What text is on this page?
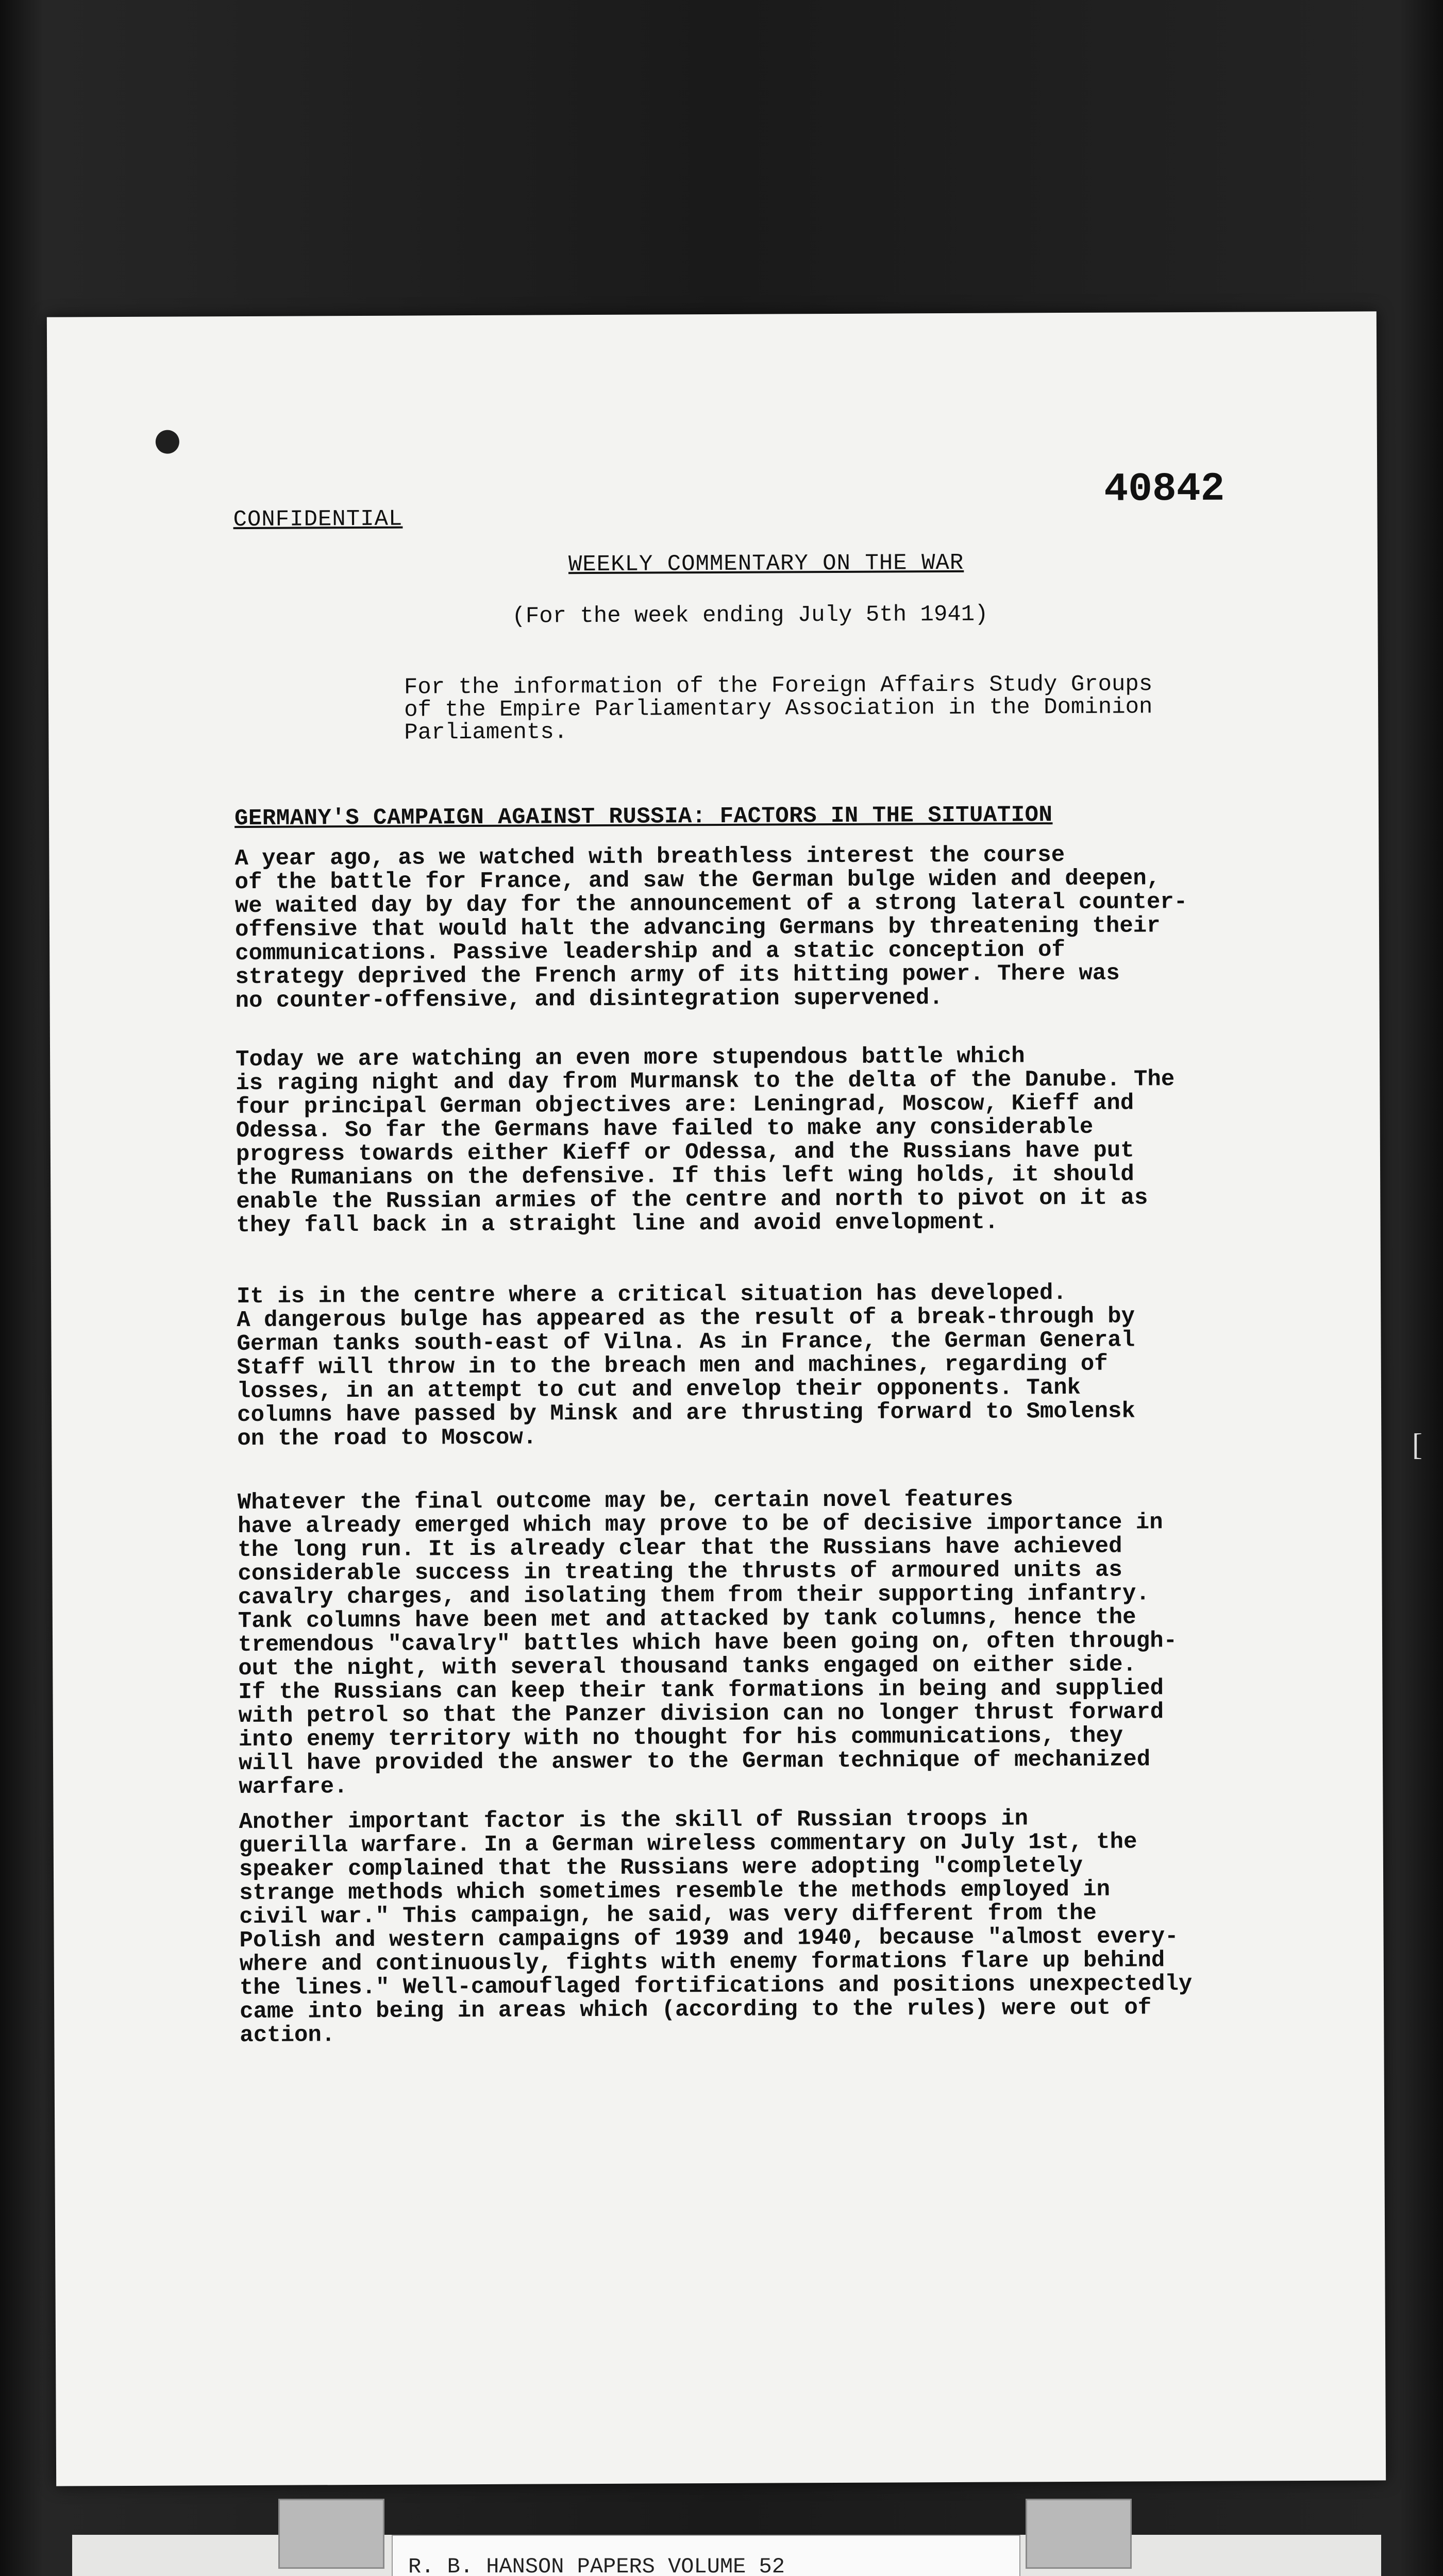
40842
CONFIDENTIAL
WEEKLY COMMENTARY ON THE WAR
(For the week ending July 5th 1941)
For the information of the Foreign Affairs Study Groups
of the Empire Parliamentary Association in the Dominion
Parliaments.
GERMANY'S CAMPAIGN AGAINST RUSSIA: FACTORS IN THE SITUATION
A year ago, as we watched with breathless interest the course
of the battle for France, and saw the German bulge widen and deepen,
we waited day by day for the announcement of a strong lateral counter-
offensive that would halt the advancing Germans by threatening their
communications. Passive leadership and a static conception of
strategy deprived the French army of its hitting power. There was
no counter-offensive, and disintegration supervened.
Today we are watching an even more stupendous battle which
is raging night and day from Murmansk to the delta of the Danube. The
four principal German objectives are: Leningrad, Moscow, Kieff and
Odessa. So far the Germans have failed to make any considerable
progress towards either Kieff or Odessa, and the Russians have put
the Rumanians on the defensive. If this left wing holds, it should
enable the Russian armies of the centre and north to pivot on it as
they fall back in a straight line and avoid envelopment.
It is in the centre where a critical situation has developed.
A dangerous bulge has appeared as the result of a break-through by
German tanks south-east of Vilna. As in France, the German General
Staff will throw in to the breach men and machines, regarding of
losses, in an attempt to cut and envelop their opponents. Tank
columns have passed by Minsk and are thrusting forward to Smolensk
on the road to Moscow.
Whatever the final outcome may be, certain novel features
have already emerged which may prove to be of decisive importance in
the long run. It is already clear that the Russians have achieved
considerable success in treating the thrusts of armoured units as
cavalry charges, and isolating them from their supporting infantry.
Tank columns have been met and attacked by tank columns, hence the
tremendous "cavalry" battles which have been going on, often through-
out the night, with several thousand tanks engaged on either side.
If the Russians can keep their tank formations in being and supplied
with petrol so that the Panzer division can no longer thrust forward
into enemy territory with no thought for his communications, they
will have provided the answer to the German technique of mechanized
warfare.
Another important factor is the skill of Russian troops in
guerilla warfare. In a German wireless commentary on July 1st, the
speaker complained that the Russians were adopting "completely
strange methods which sometimes resemble the methods employed in
civil war." This campaign, he said, was very different from the
Polish and western campaigns of 1939 and 1940, because "almost every-
where and continuously, fights with enemy formations flare up behind
the lines." Well-camouflaged fortifications and positions unexpectedly
came into being in areas which (according to the rules) were out of
action.
[
R. B. HANSON PAPERS VOLUME 52
